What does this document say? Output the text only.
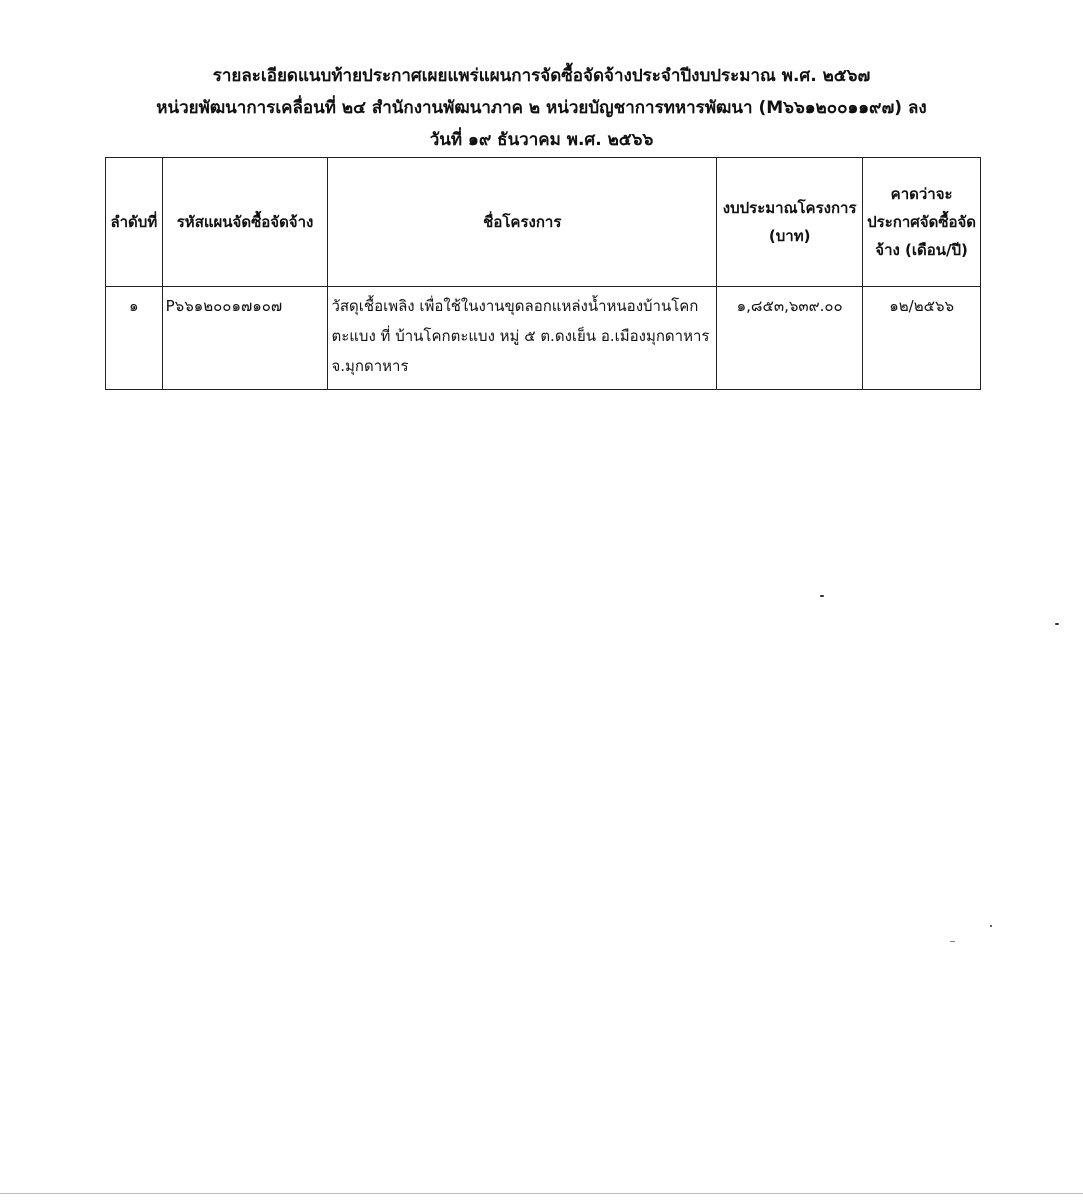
รายละเอียดแนบท้ายประกาศเผยแพร่แผนการจัดซื้อจัดจ้างประจำปีงบประมาณ พ.ศ. ๒๕๖๗
หน่วยพัฒนาการเคลื่อนที่ ๒๔ สำนักงานพัฒนาภาค ๒ หน่วยบัญชาการทหารพัฒนา (M๖๖๑๒๐๐๑๑๙๗) ลง
วันที่ ๑๙ ธันวาคม พ.ศ. ๒๕๖๖
ลำดับที่	รหัสแผนจัดซื้อจัดจ้าง	ชื่อโครงการ	งบประมาณโครงการ (บาท)	คาดว่าจะประกาศจัดซื้อจัดจ้าง (เดือน/ปี)
๑	P๖๖๑๒๐๐๑๗๑๐๗	วัสดุเชื้อเพลิง เพื่อใช้ในงานขุดลอกแหล่งน้ำหนองบ้านโคกตะแบง ที่ บ้านโคกตะแบง หมู่ ๕ ต.ดงเย็น อ.เมืองมุกดาหาร จ.มุกดาหาร	๑,๘๕๓,๖๓๙.๐๐	๑๒/๒๕๖๖
